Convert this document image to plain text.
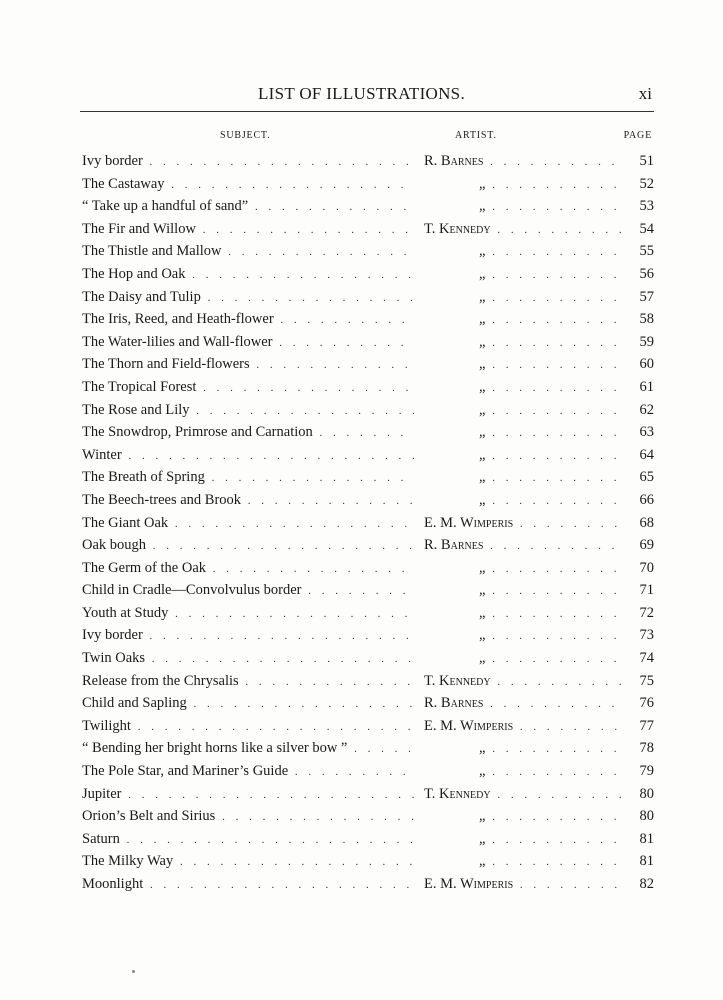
LIST OF ILLUSTRATIONS.	xi
SUBJECT.	ARTIST.	PAGE
Ivy border . . .	R. Barnes . . .	51
The Castaway . . .	„ . . .	52
“ Take up a handful of sand” . . .	„ . . .	53
The Fir and Willow . . .	T. Kennedy . . .	54
The Thistle and Mallow . . .	„ . . .	55
The Hop and Oak . . .	„ . . .	56
The Daisy and Tulip . . .	„ . . .	57
The Iris, Reed, and Heath-flower . . .	„ . . .	58
The Water-lilies and Wall-flower . . .	„ . . .	59
The Thorn and Field-flowers . . .	„ . . .	60
The Tropical Forest . . .	„ . . .	61
The Rose and Lily . . .	„ . . .	62
The Snowdrop, Primrose and Carnation . . .	„ . . .	63
Winter . . .	„ . . .	64
The Breath of Spring . . .	„ . . .	65
The Beech-trees and Brook . . .	„ . . .	66
The Giant Oak . . .	E. M. Wimperis . . .	68
Oak bough . . .	R. Barnes . . .	69
The Germ of the Oak . . .	„ . . .	70
Child in Cradle—Convolvulus border . . .	„ . . .	71
Youth at Study . . .	„ . . .	72
Ivy border . . .	„ . . .	73
Twin Oaks . . .	„ . . .	74
Release from the Chrysalis . . .	T. Kennedy . . .	75
Child and Sapling . . .	R. Barnes . . .	76
Twilight . . .	E. M. Wimperis . . .	77
“ Bending her bright horns like a silver bow ” . . .	„ . . .	78
The Pole Star, and Mariner’s Guide . . .	„ . . .	79
Jupiter . . .	T. Kennedy . . .	80
Orion’s Belt and Sirius . . .	„ . . .	80
Saturn . . .	„ . . .	81
The Milky Way . . .	„ . . .	81
Moonlight . . .	E. M. Wimperis . . .	82
